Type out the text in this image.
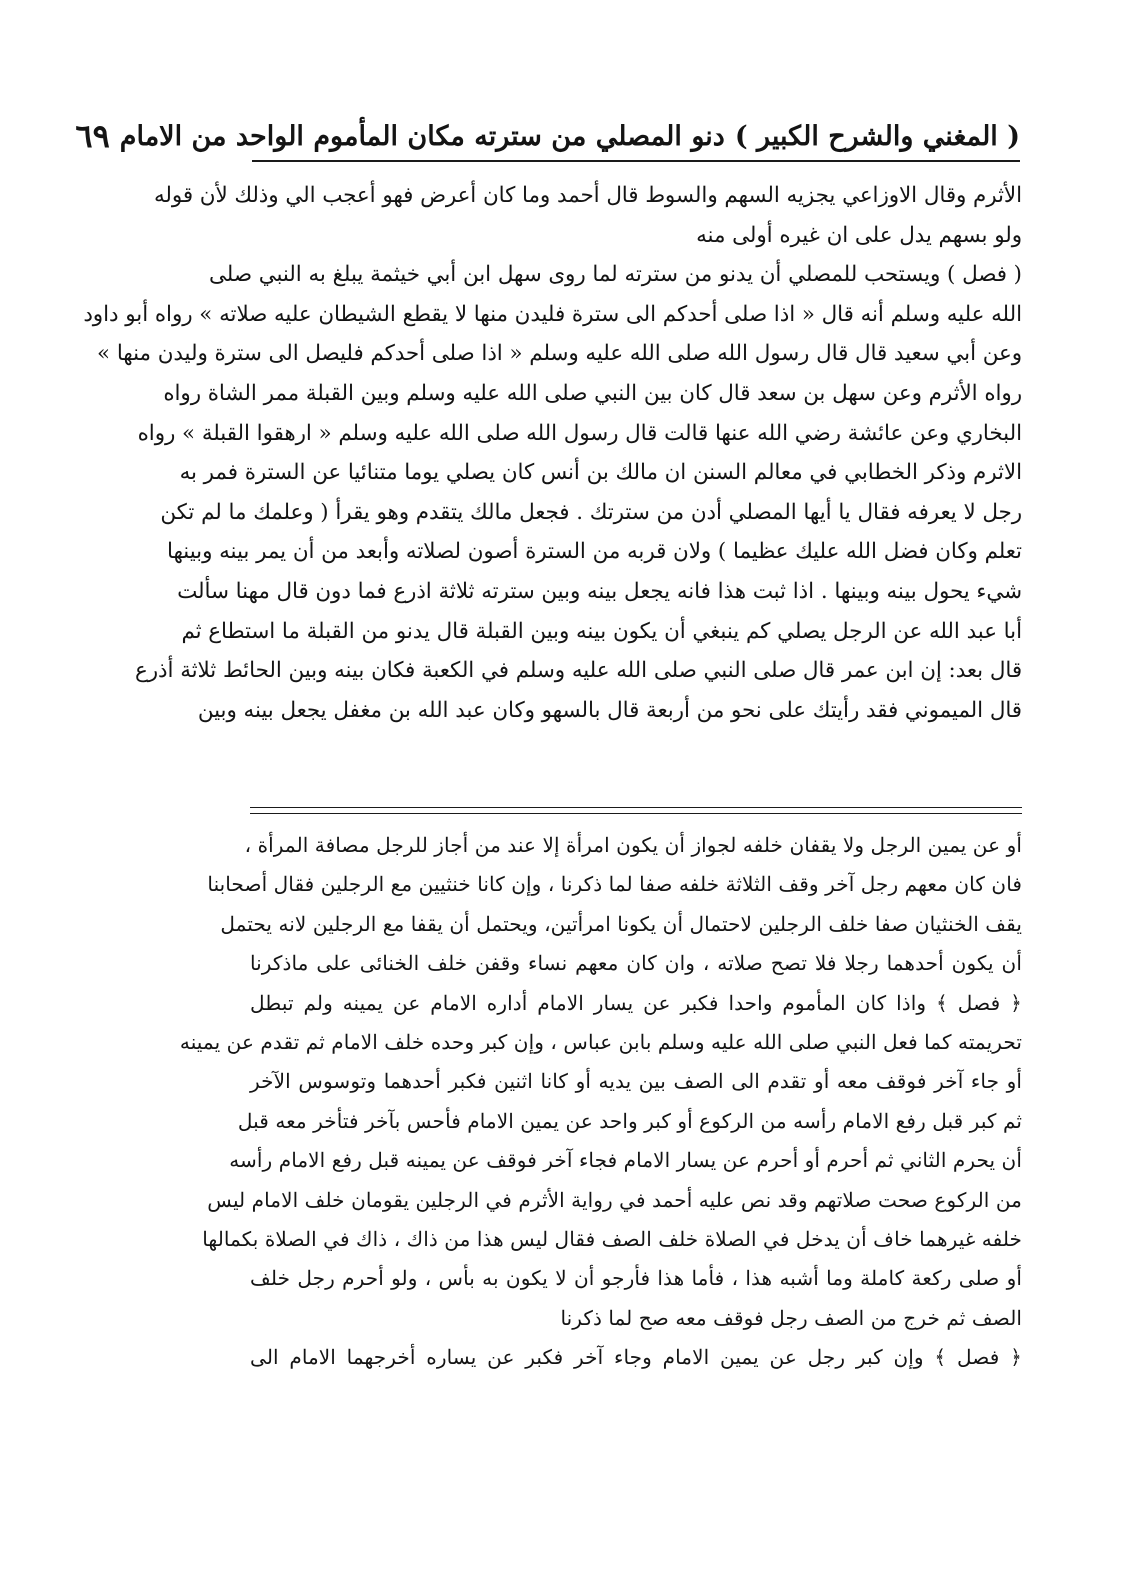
( المغني والشرح الكبير )
دنو المصلي من سترته مكان المأموم الواحد من الامام
٦٩
الأثرم وقال الاوزاعي يجزيه السهم والسوط قال أحمد وما كان أعرض فهو أعجب الي وذلك لأن قوله
ولو بسهم يدل على ان غيره أولى منه
( فصل ) ويستحب للمصلي أن يدنو من سترته لما روى سهل ابن أبي خيثمة يبلغ به النبي صلى
الله عليه وسلم أنه قال « اذا صلى أحدكم الى سترة فليدن منها لا يقطع الشيطان عليه صلاته » رواه أبو داود
وعن أبي سعيد قال قال رسول الله صلى الله عليه وسلم « اذا صلى أحدكم فليصل الى سترة وليدن منها »
رواه الأثرم وعن سهل بن سعد قال كان بين النبي صلى الله عليه وسلم وبين القبلة ممر الشاة رواه
البخاري وعن عائشة رضي الله عنها قالت قال رسول الله صلى الله عليه وسلم « ارهقوا القبلة » رواه
الاثرم وذكر الخطابي في معالم السنن ان مالك بن أنس كان يصلي يوما متنائيا عن السترة فمر به
رجل لا يعرفه فقال يا أيها المصلي أدن من سترتك . فجعل مالك يتقدم وهو يقرأ ( وعلمك ما لم تكن
تعلم وكان فضل الله عليك عظيما ) ولان قربه من السترة أصون لصلاته وأبعد من أن يمر بينه وبينها
شيء يحول بينه وبينها . اذا ثبت هذا فانه يجعل بينه وبين سترته ثلاثة اذرع فما دون قال مهنا سألت
أبا عبد الله عن الرجل يصلي كم ينبغي أن يكون بينه وبين القبلة قال يدنو من القبلة ما استطاع ثم
قال بعد: إن ابن عمر قال صلى النبي صلى الله عليه وسلم في الكعبة فكان بينه وبين الحائط ثلاثة أذرع
قال الميموني فقد رأيتك على نحو من أربعة قال بالسهو وكان عبد الله بن مغفل يجعل بينه وبين
أو عن يمين الرجل ولا يقفان خلفه لجواز أن يكون امرأة إلا عند من أجاز للرجل مصافة المرأة ،
فان كان معهم رجل آخر وقف الثلاثة خلفه صفا لما ذكرنا ، وإن كانا خنثيين مع الرجلين فقال أصحابنا
يقف الخنثيان صفا خلف الرجلين لاحتمال أن يكونا امرأتين، ويحتمل أن يقفا مع الرجلين لانه يحتمل
أن يكون أحدهما رجلا فلا تصح صلاته ، وان كان معهم نساء وقفن خلف الخنائى على ماذكرنا
﴿ فصل ﴾ واذا كان المأموم واحدا فكبر عن يسار الامام أداره الامام عن يمينه ولم تبطل
تحريمته كما فعل النبي صلى الله عليه وسلم بابن عباس ، وإن كبر وحده خلف الامام ثم تقدم عن يمينه
أو جاء آخر فوقف معه أو تقدم الى الصف بين يديه أو كانا اثنين فكبر أحدهما وتوسوس الآخر
ثم كبر قبل رفع الامام رأسه من الركوع أو كبر واحد عن يمين الامام فأحس بآخر فتأخر معه قبل
أن يحرم الثاني ثم أحرم أو أحرم عن يسار الامام فجاء آخر فوقف عن يمينه قبل رفع الامام رأسه
من الركوع صحت صلاتهم وقد نص عليه أحمد في رواية الأثرم في الرجلين يقومان خلف الامام ليس
خلفه غيرهما خاف أن يدخل في الصلاة خلف الصف فقال ليس هذا من ذاك ، ذاك في الصلاة بكمالها
أو صلى ركعة كاملة وما أشبه هذا ، فأما هذا فأرجو أن لا يكون به بأس ، ولو أحرم رجل خلف
الصف ثم خرج من الصف رجل فوقف معه صح لما ذكرنا
﴿ فصل ﴾ وإن كبر رجل عن يمين الامام وجاء آخر فكبر عن يساره أخرجهما الامام الى
